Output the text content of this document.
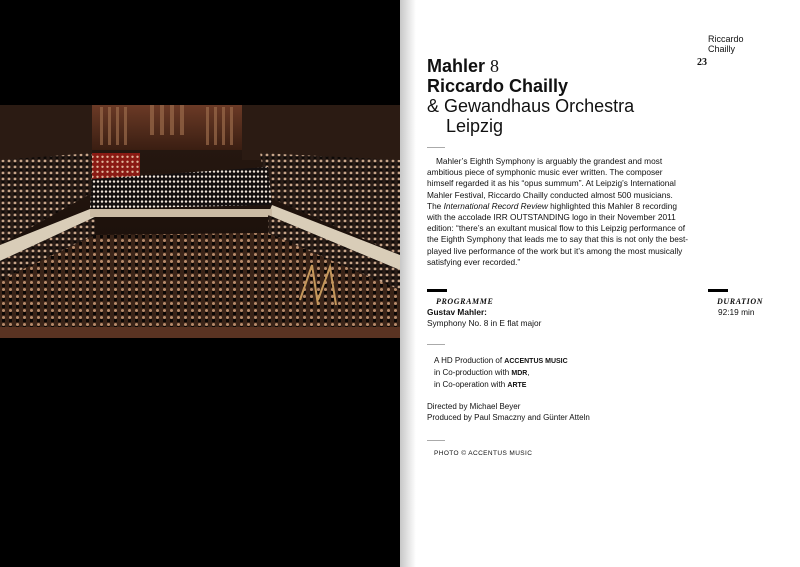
Riccardo
Chailly
23
Mahler 8
Riccardo Chailly
& Gewandhaus Orchestra
Leipzig

Mahler’s Eighth Symphony is arguably the grandest and most ambitious piece of symphonic music ever written. The composer himself regarded it as his “opus summum”. At Leipzig’s International Mahler Festival, Riccardo Chailly conducted almost 500 musicians. The International Record Review highlighted this Mahler 8 recording with the accolade IRR OUTSTANDING logo in their November 2011 edition: “there’s an exultant musical flow to this Leipzig performance of the Eighth Symphony that leads me to say that this is not only the best-played live performance of the work but it’s among the most musically satisfying ever recorded.”

PROGRAMME
Gustav Mahler:
Symphony No. 8 in E flat major
DURATION
92:19 min
A HD Production of ACCENTUS MUSIC
in Co-production with MDR,
in Co-operation with ARTE
Directed by Michael Beyer
Produced by Paul Smaczny and Günter Atteln
PHOTO © ACCENTUS MUSIC
